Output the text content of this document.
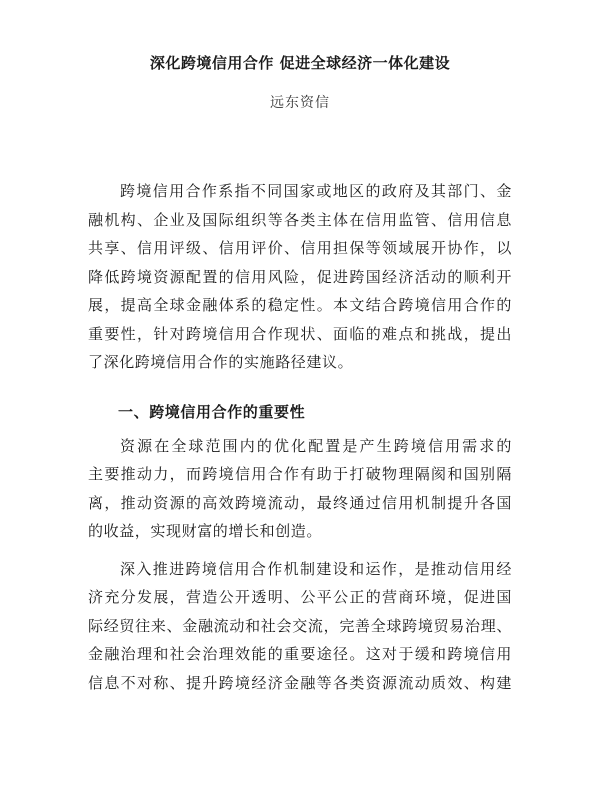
深化跨境信用合作 促进全球经济一体化建设
远东资信
跨境信用合作系指不同国家或地区的政府及其部门、金
融机构、企业及国际组织等各类主体在信用监管、信用信息
共享、信用评级、信用评价、信用担保等领域展开协作，以
降低跨境资源配置的信用风险，促进跨国经济活动的顺利开
展，提高全球金融体系的稳定性。本文结合跨境信用合作的
重要性，针对跨境信用合作现状、面临的难点和挑战，提出
了深化跨境信用合作的实施路径建议。
一、跨境信用合作的重要性
资源在全球范围内的优化配置是产生跨境信用需求的
主要推动力，而跨境信用合作有助于打破物理隔阂和国别隔
离，推动资源的高效跨境流动，最终通过信用机制提升各国
的收益，实现财富的增长和创造。
深入推进跨境信用合作机制建设和运作，是推动信用经
济充分发展，营造公开透明、公平公正的营商环境，促进国
际经贸往来、金融流动和社会交流，完善全球跨境贸易治理、
金融治理和社会治理效能的重要途径。这对于缓和跨境信用
信息不对称、提升跨境经济金融等各类资源流动质效、构建
